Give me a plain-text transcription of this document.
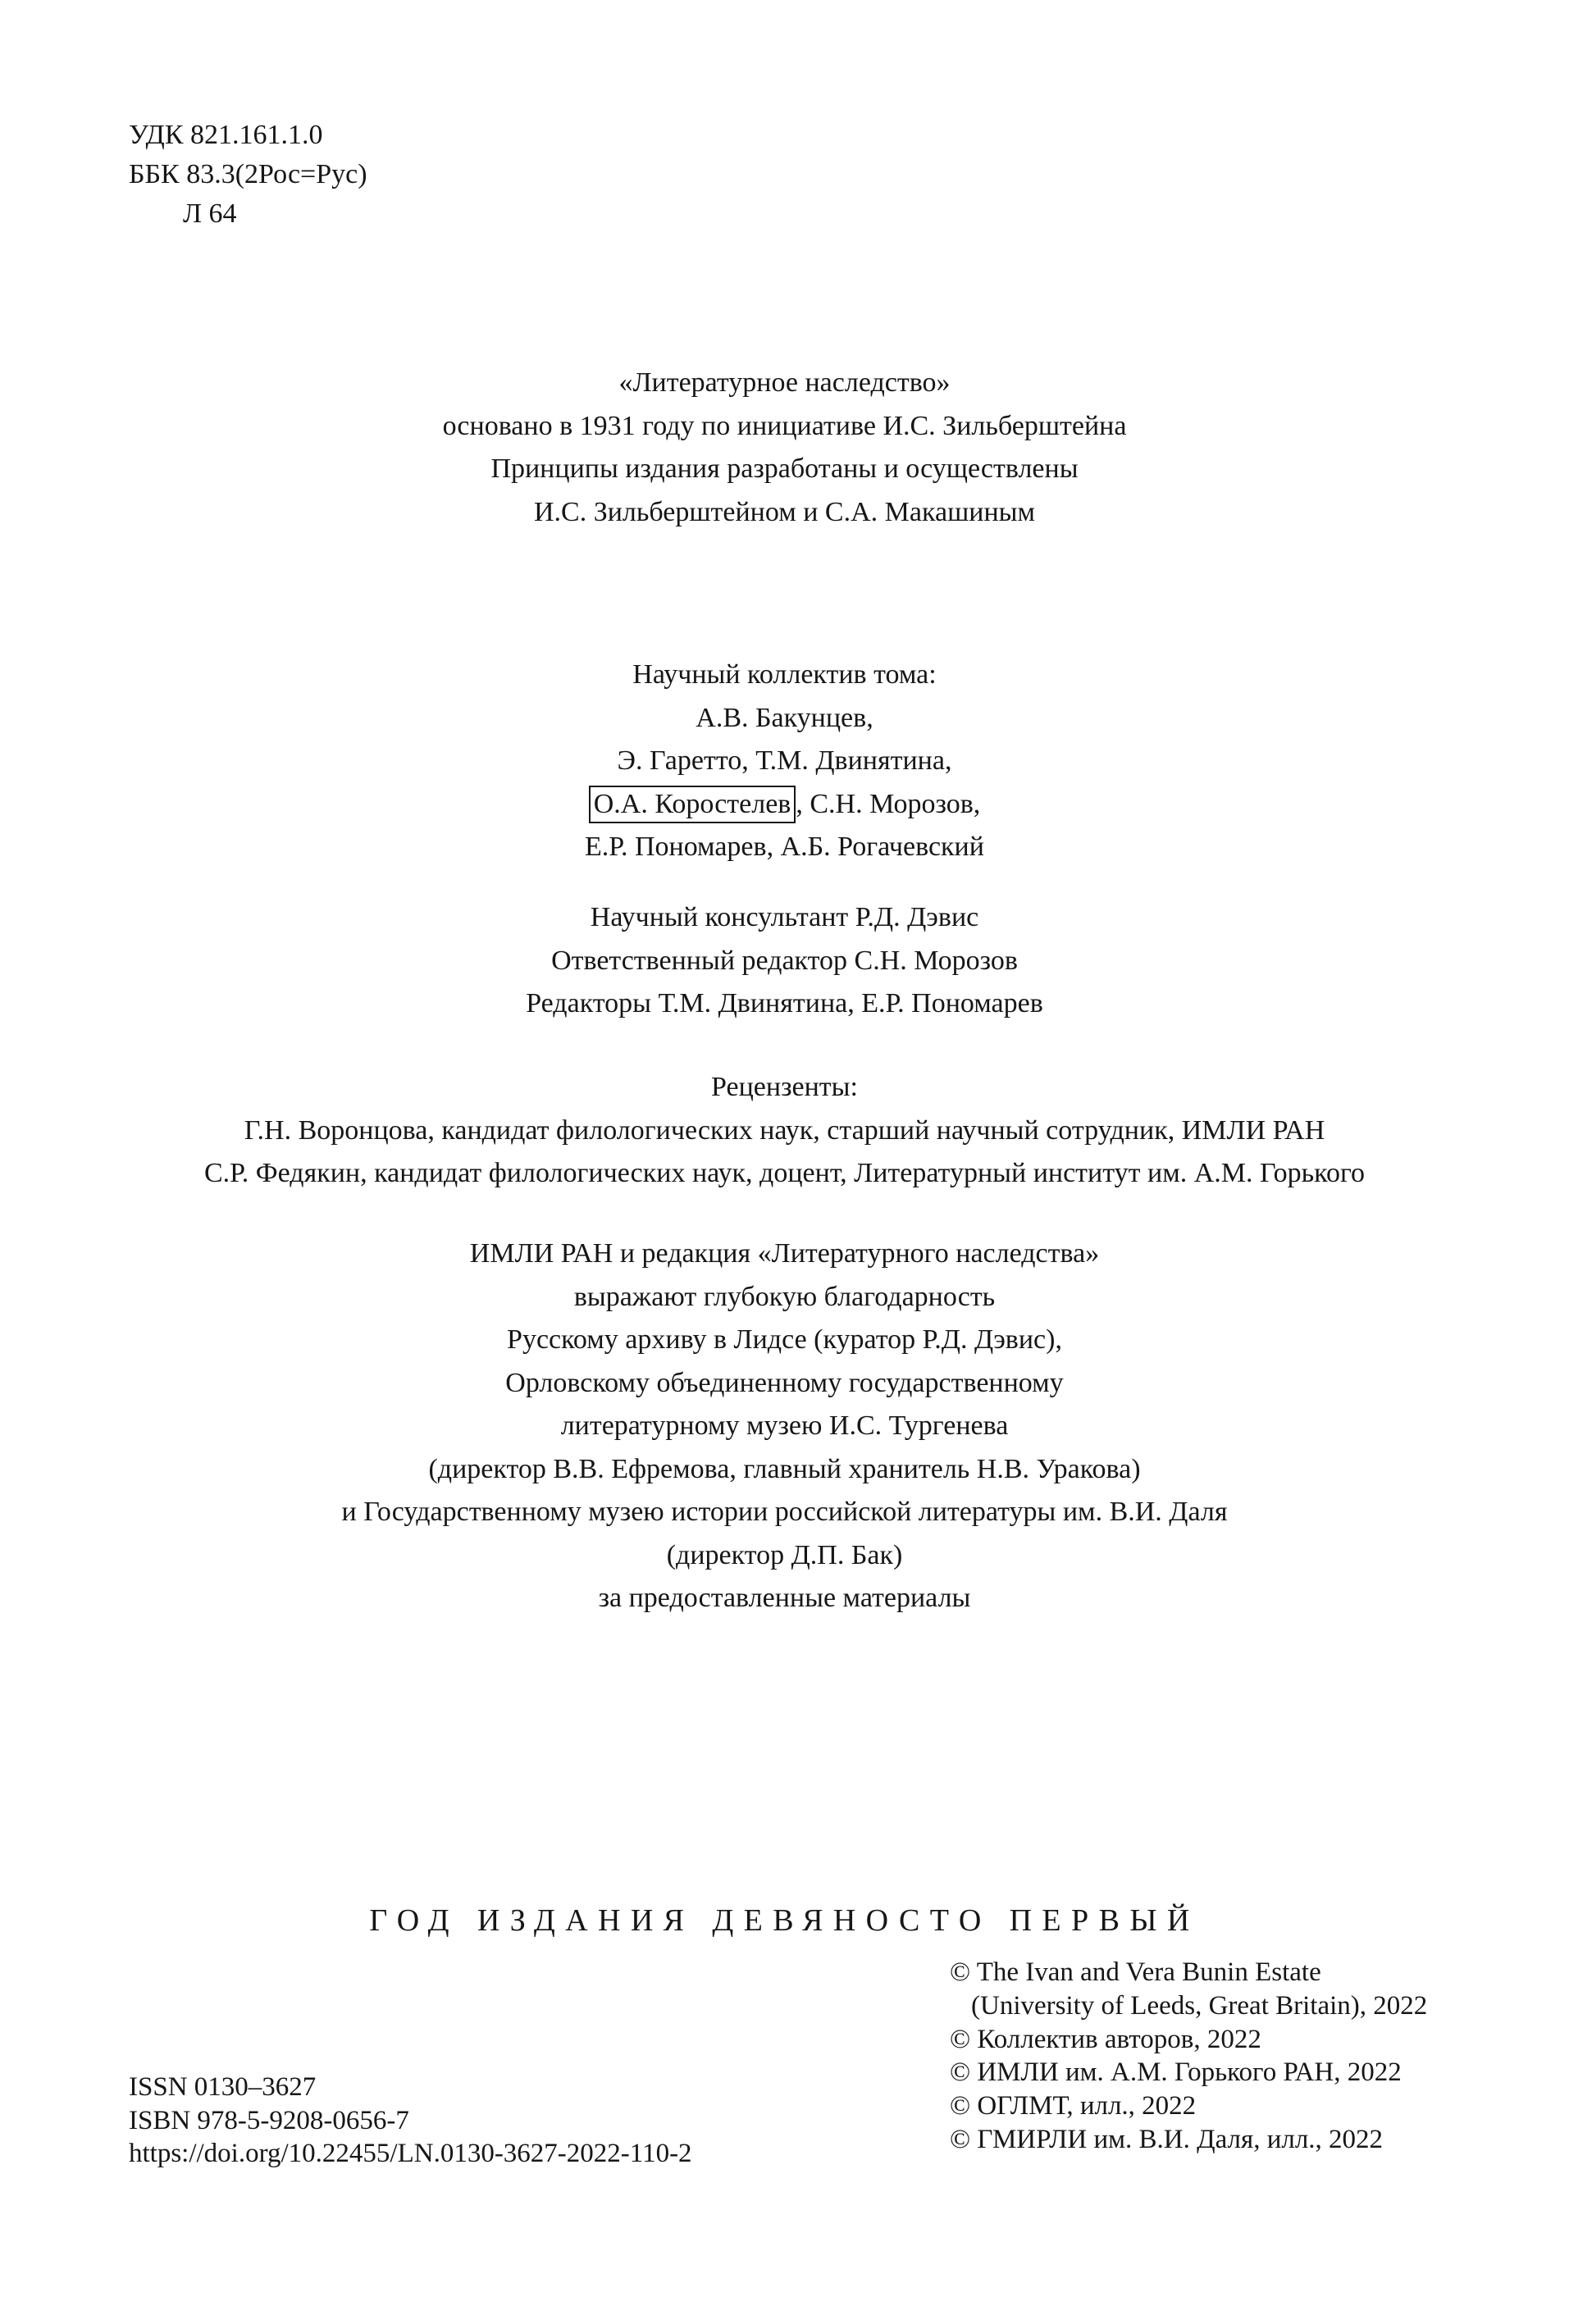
УДК 821.161.1.0
ББК 83.3(2Рос=Рус)
Л 64
«Литературное наследство»
основано в 1931 году по инициативе И.С. Зильберштейна
Принципы издания разработаны и осуществлены
И.С. Зильберштейном и С.А. Макашиным
Научный коллектив тома:
А.В. Бакунцев,
Э. Гаретто, Т.М. Двинятина,
О.А. Коростелев , С.Н. Морозов,
Е.Р. Пономарев, А.Б. Рогачевский
Научный консультант Р.Д. Дэвис
Ответственный редактор С.Н. Морозов
Редакторы Т.М. Двинятина, Е.Р. Пономарев
Рецензенты:
Г.Н. Воронцова, кандидат филологических наук, старший научный сотрудник, ИМЛИ РАН
С.Р. Федякин, кандидат филологических наук, доцент, Литературный институт им. А.М. Горького
ИМЛИ РАН и редакция «Литературного наследства»
выражают глубокую благодарность
Русскому архиву в Лидсе (куратор Р.Д. Дэвис),
Орловскому объединенному государственному
литературному музею И.С. Тургенева
(директор В.В. Ефремова, главный хранитель Н.В. Уракова)
и Государственному музею истории российской литературы им. В.И. Даля
(директор Д.П. Бак)
за предоставленные материалы
ГОД ИЗДАНИЯ ДЕВЯНОСТО ПЕРВЫЙ
© The Ivan and Vera Bunin Estate
(University of Leeds, Great Britain), 2022
© Коллектив авторов, 2022
© ИМЛИ им. А.М. Горького РАН, 2022
© ОГЛМТ, илл., 2022
© ГМИРЛИ им. В.И. Даля, илл., 2022
ISSN 0130–3627
ISBN 978-5-9208-0656-7
https://doi.org/10.22455/LN.0130-3627-2022-110-2
